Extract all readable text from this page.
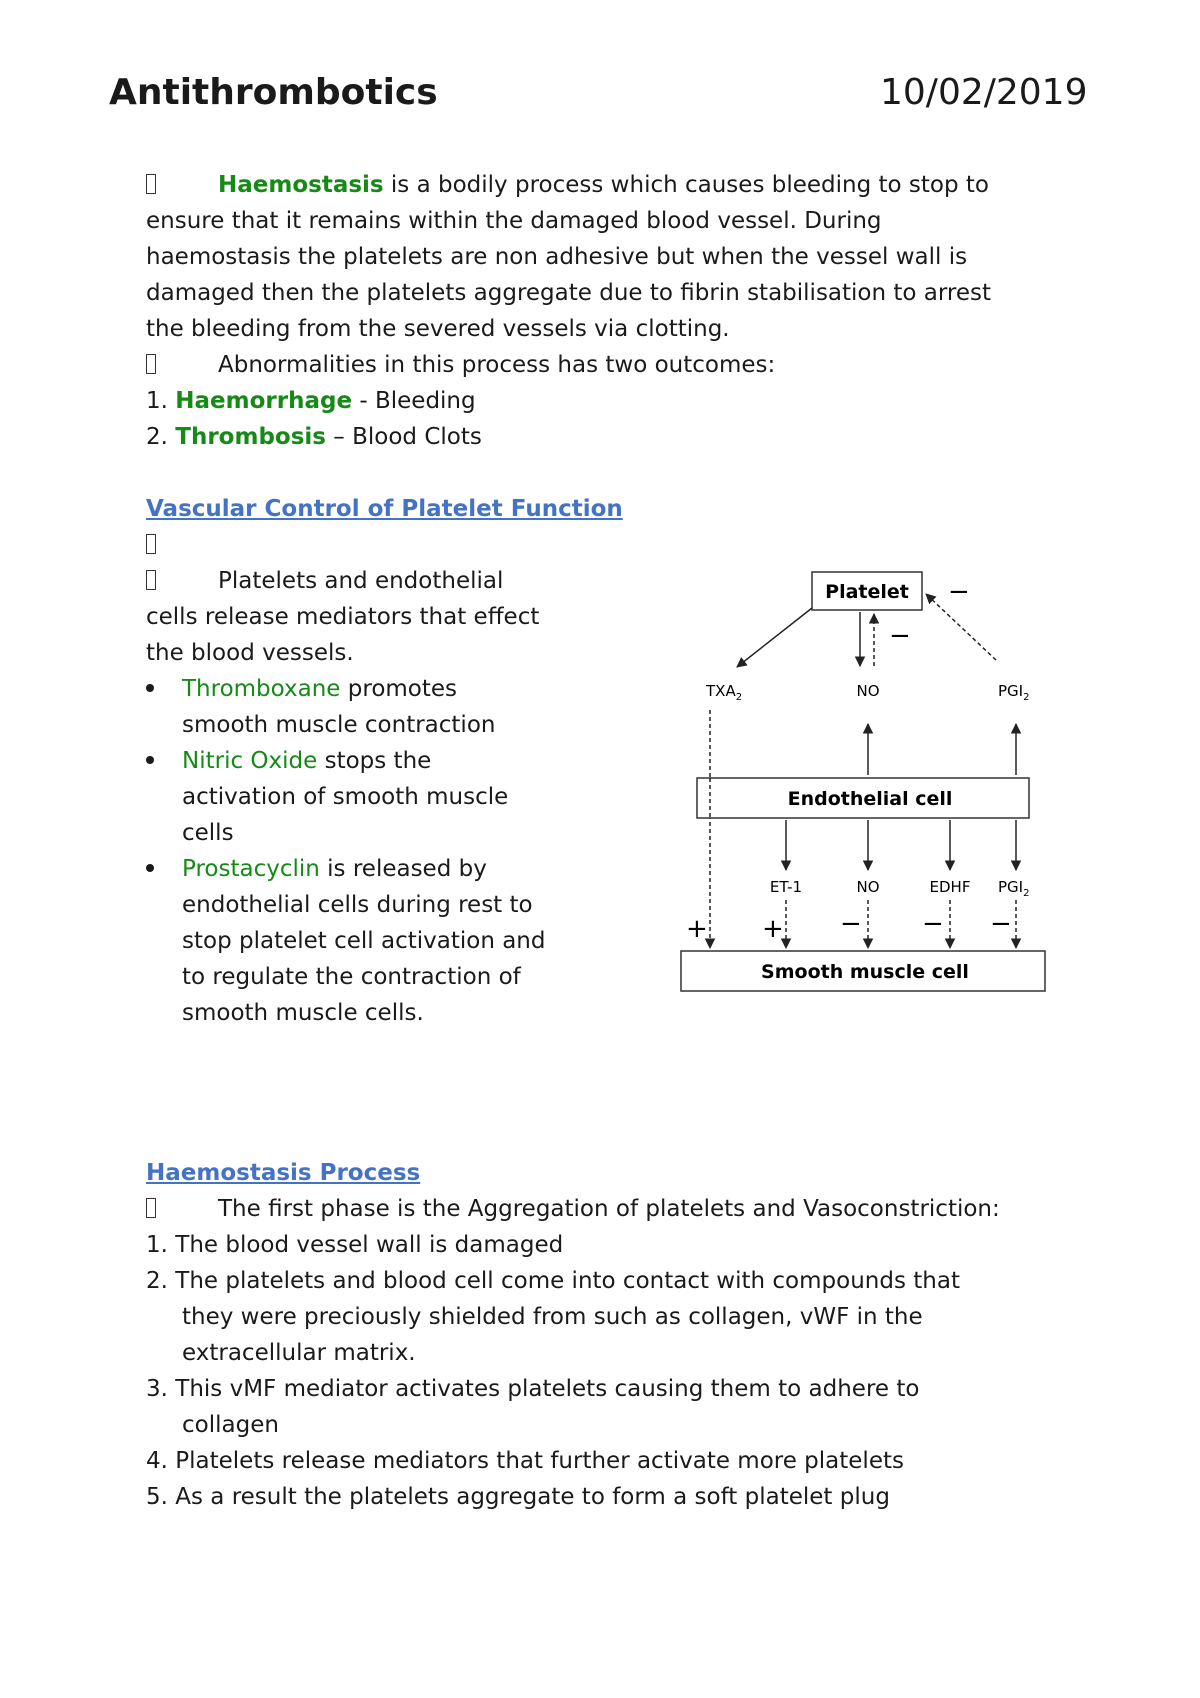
Antithrombotics	10/02/2019
Haemostasis is a bodily process which causes bleeding to stop to
ensure that it remains within the damaged blood vessel. During
haemostasis the platelets are non adhesive but when the vessel wall is
damaged then the platelets aggregate due to fibrin stabilisation to arrest
the bleeding from the severed vessels via clotting.
Abnormalities in this process has two outcomes:
1. Haemorrhage - Bleeding
2. Thrombosis – Blood Clots
Vascular Control of Platelet Function
Platelets and endothelial
cells release mediators that effect
the blood vessels.
Thromboxane promotes
smooth muscle contraction
Nitric Oxide stops the
activation of smooth muscle
cells
Prostacyclin is released by
endothelial cells during rest to
stop platelet cell activation and
to regulate the contraction of
smooth muscle cells.
Platelet
−
−
$TXA_2$	NO	$PGI_2$
Endothelial cell
ET-1	NO	EDHF $PGI_2$
+ + − − −
Smooth muscle cell
Haemostasis Process
The first phase is the Aggregation of platelets and Vasoconstriction:
1. The blood vessel wall is damaged
2. The platelets and blood cell come into contact with compounds that
they were preciously shielded from such as collagen, vWF in the
extracellular matrix.
3. This vMF mediator activates platelets causing them to adhere to
collagen
4. Platelets release mediators that further activate more platelets
5. As a result the platelets aggregate to form a soft platelet plug
